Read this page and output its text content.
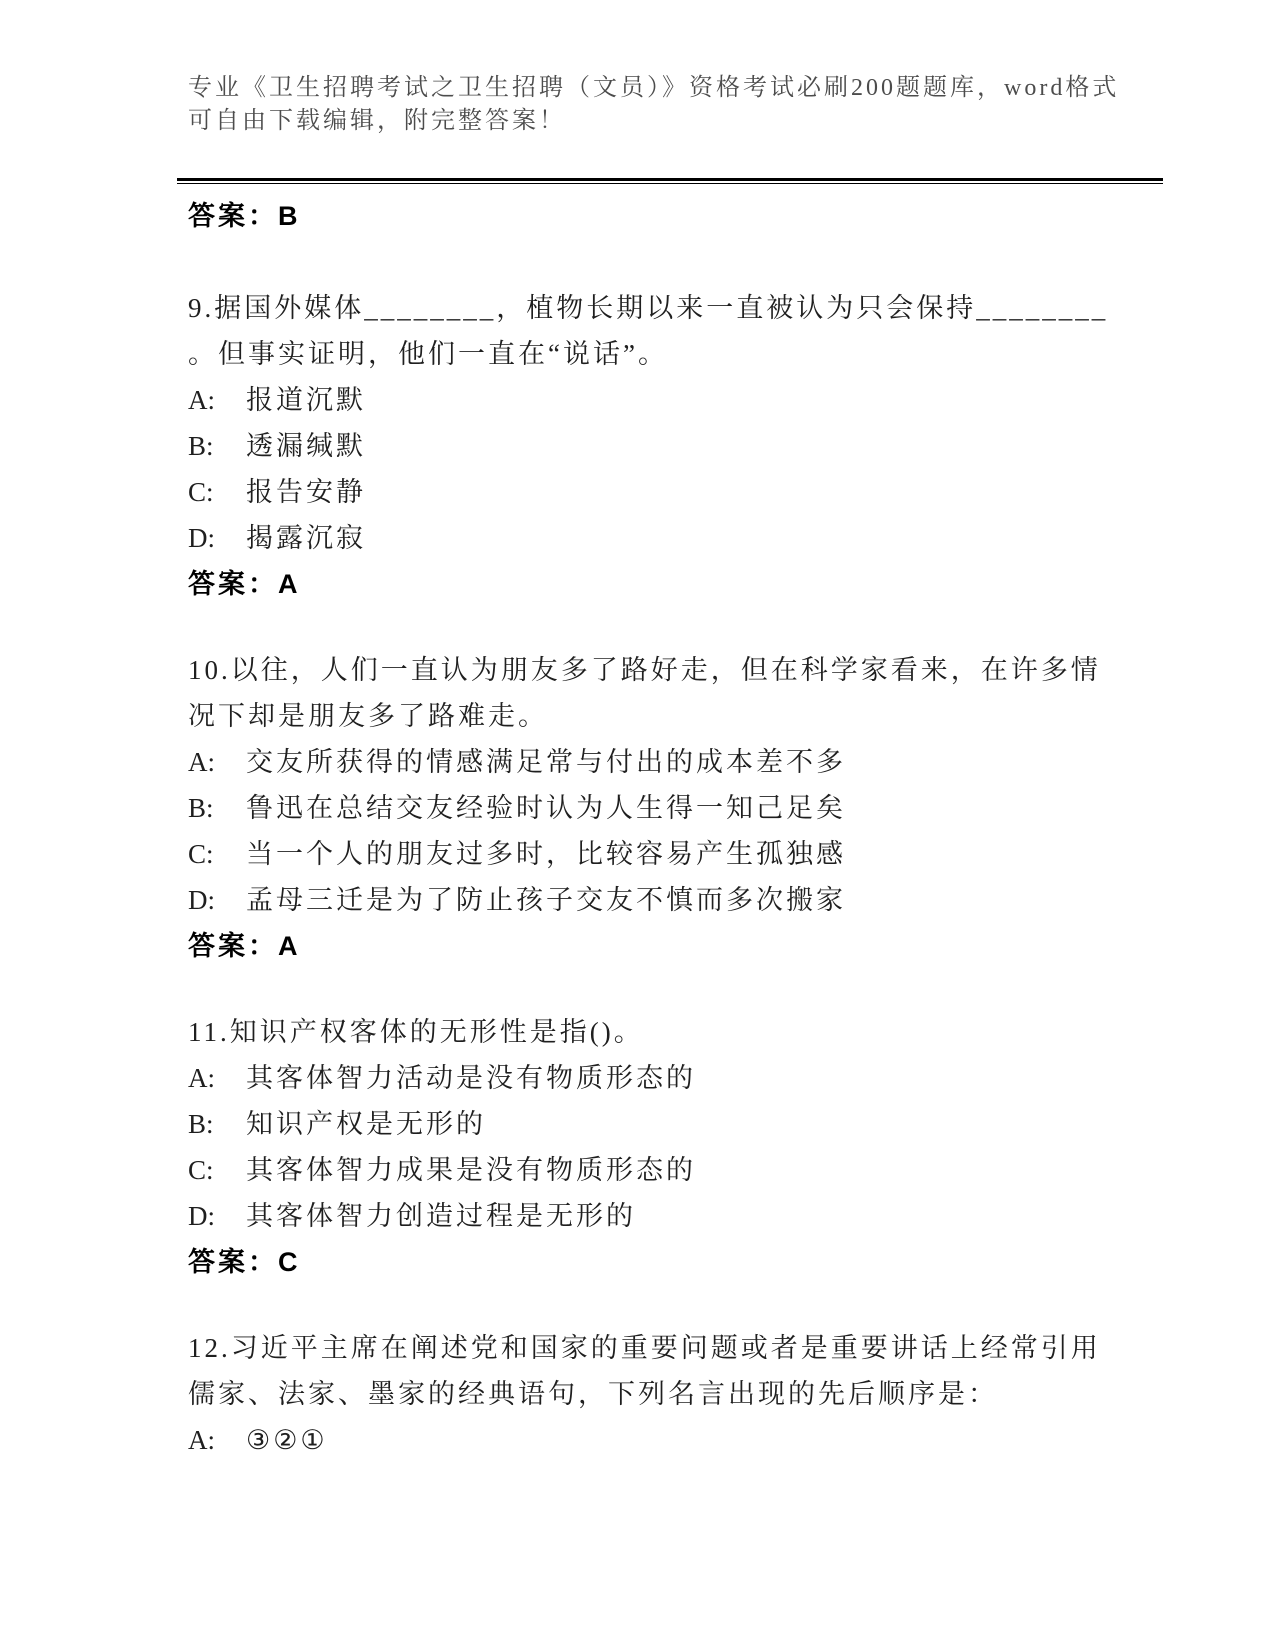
专业《卫生招聘考试之卫生招聘（文员）》资格考试必刷200题题库，word格式
可自由下载编辑，附完整答案！

答案：B

9.据国外媒体________，植物长期以来一直被认为只会保持________

。但事实证明，他们一直在“说话”。

A: 报道沉默

B: 透漏缄默

C: 报告安静

D: 揭露沉寂

答案：A

10.以往，人们一直认为朋友多了路好走，但在科学家看来，在许多情

况下却是朋友多了路难走。

A: 交友所获得的情感满足常与付出的成本差不多

B: 鲁迅在总结交友经验时认为人生得一知己足矣

C: 当一个人的朋友过多时，比较容易产生孤独感

D: 孟母三迁是为了防止孩子交友不慎而多次搬家

答案：A

11.知识产权客体的无形性是指()。

A: 其客体智力活动是没有物质形态的

B: 知识产权是无形的

C: 其客体智力成果是没有物质形态的

D: 其客体智力创造过程是无形的

答案：C

12.习近平主席在阐述党和国家的重要问题或者是重要讲话上经常引用

儒家、法家、墨家的经典语句，下列名言出现的先后顺序是：

A: ③②①
